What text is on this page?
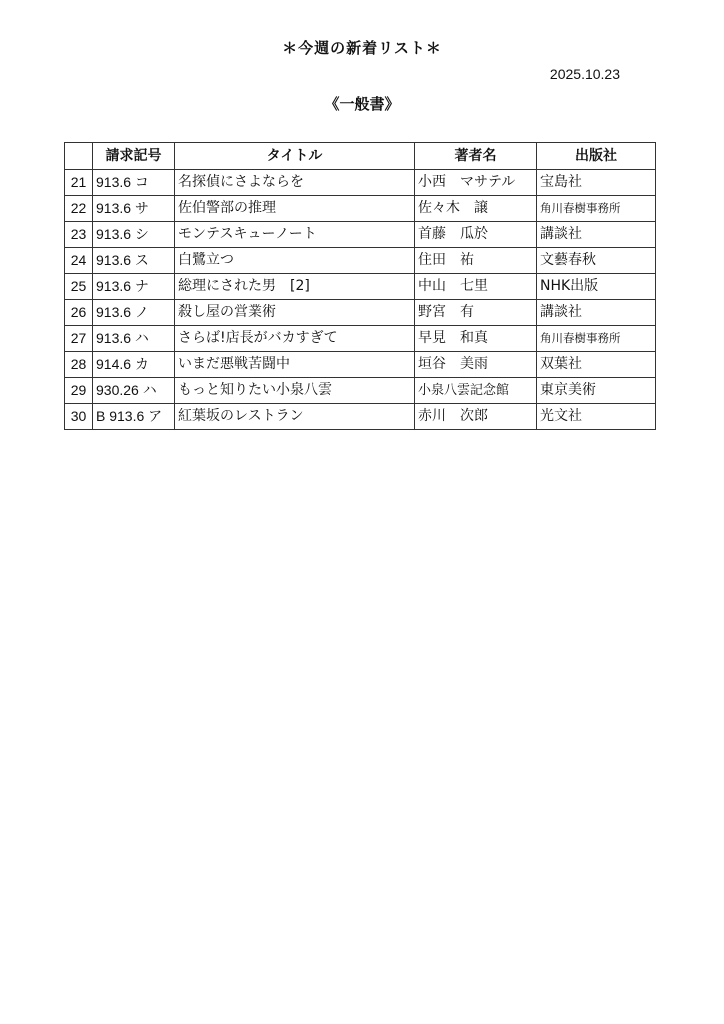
＊今週の新着リスト＊
2025.10.23
《一般書》
	請求記号	タイトル	著者名	出版社
21	913.6 コ	名探偵にさよならを	小西　マサテル	宝島社
22	913.6 サ	佐伯警部の推理	佐々木　譲	角川春樹事務所
23	913.6 シ	モンテスキューノート	首藤　瓜於	講談社
24	913.6 ス	白鷺立つ	住田　祐	文藝春秋
25	913.6 ナ	総理にされた男　[2]	中山　七里	NHK出版
26	913.6 ノ	殺し屋の営業術	野宮　有	講談社
27	913.6 ハ	さらば!店長がバカすぎて	早見　和真	角川春樹事務所
28	914.6 カ	いまだ悪戦苦闘中	垣谷　美雨	双葉社
29	930.26 ハ	もっと知りたい小泉八雲	小泉八雲記念館	東京美術
30	B 913.6 ア	紅葉坂のレストラン	赤川　次郎	光文社
